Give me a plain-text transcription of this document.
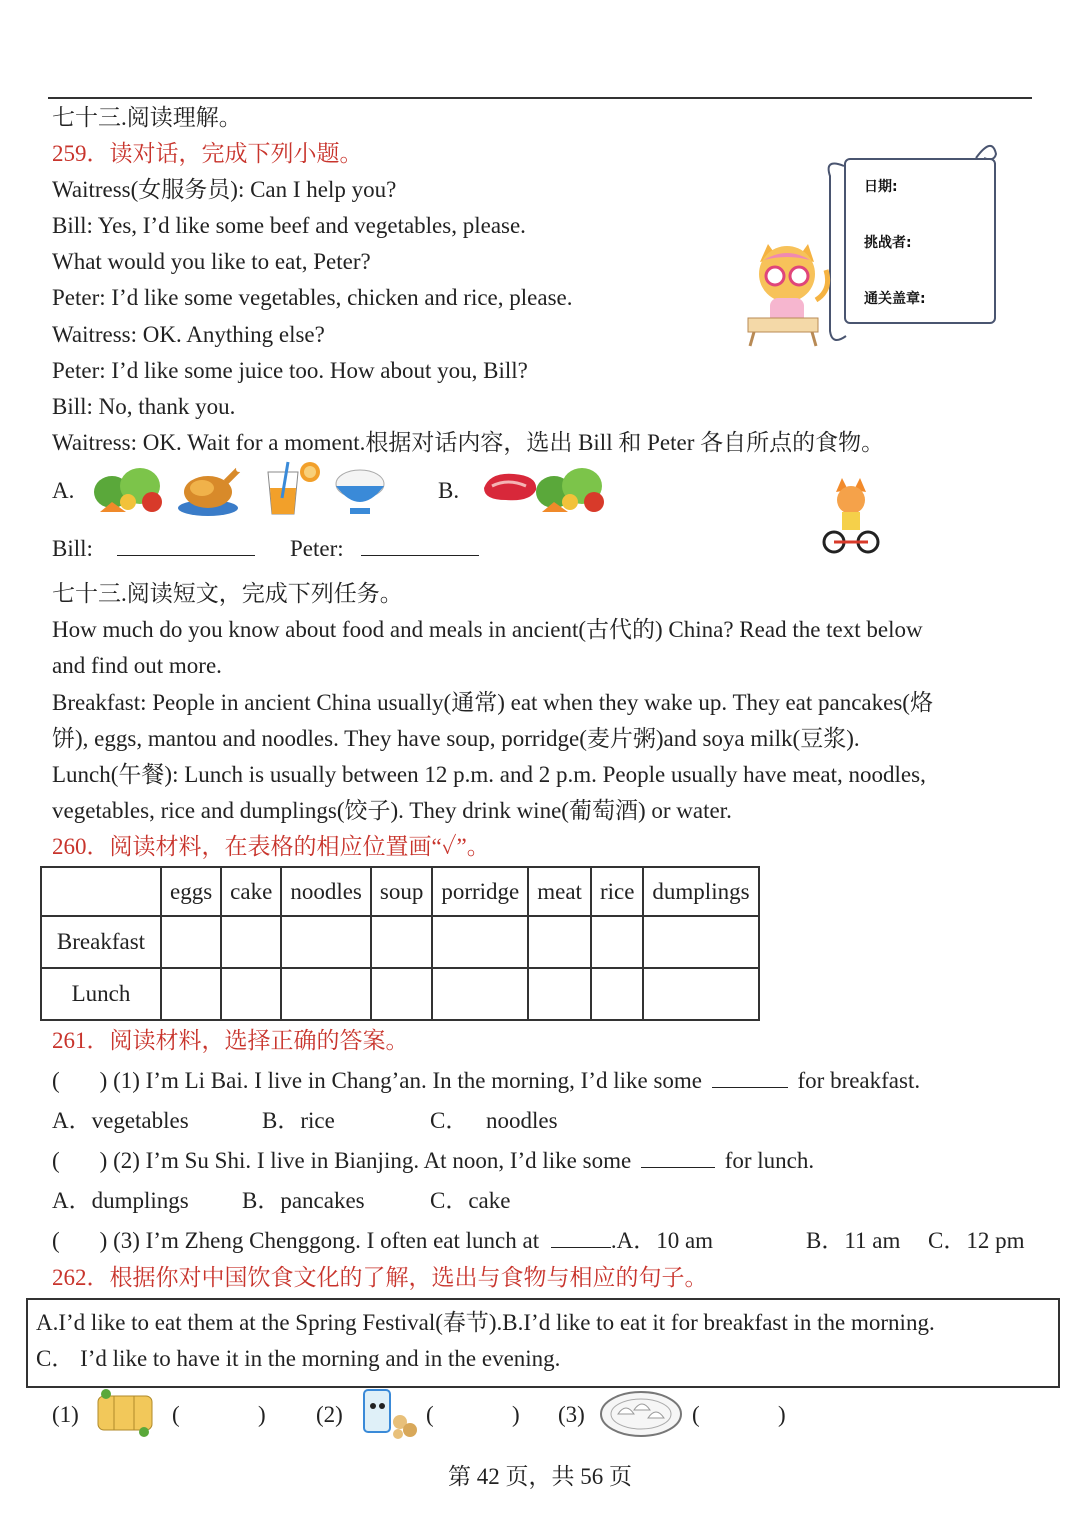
七十三.阅读理解。
259．读对话，完成下列小题。
Waitress(女服务员): Can I help you?
Bill: Yes, I’d like some beef and vegetables, please.
What would you like to eat, Peter?
Peter: I’d like some vegetables, chicken and rice, please.
Waitress: OK. Anything else?
Peter: I’d like some juice too. How about you, Bill?
Bill: No, thank you.
Waitress: OK. Wait for a moment.根据对话内容，选出 Bill 和 Peter 各自所点的食物。
日期:
挑战者:
通关盖章:
A.	B.
Bill:	Peter:
七十三.阅读短文，完成下列任务。
How much do you know about food and meals in ancient(古代的) China? Read the text below
and find out more.
Breakfast: People in ancient China usually(通常) eat when they wake up. They eat pancakes(烙
饼), eggs, mantou and noodles. They have soup, porridge(麦片粥)and soya milk(豆浆).
Lunch(午餐): Lunch is usually between 12 p.m. and 2 p.m. People usually have meat, noodles,
vegetables, rice and dumplings(饺子). They drink wine(葡萄酒) or water.
260．阅读材料，在表格的相应位置画“✓”。
	eggs	cake	noodles	soup	porridge	meat	rice	dumplings
Breakfast								
Lunch								
261．阅读材料，选择正确的答案。
( ) (1) I’m Li Bai. I live in Chang’an. In the morning, I’d like some	for breakfast.
A．vegetables	B．rice	C． noodles
( ) (2) I’m Su Shi. I live in Bianjing. At noon, I’d like some	for lunch.
A．dumplings B．pancakes	C．cake
( ) (3) I’m Zheng Chenggong. I often eat lunch at	.A．10 am	B．11 am C．12 pm
262．根据你对中国饮食文化的了解，选出与食物与相应的句子。
A.I’d like to eat them at the Spring Festival(春节).B.I’d like to eat it for breakfast in the morning.
C． I’d like to have it in the morning and in the evening.
(1)	(	) (2)	(	) (3)	(	)
第 42 页，共 56 页
